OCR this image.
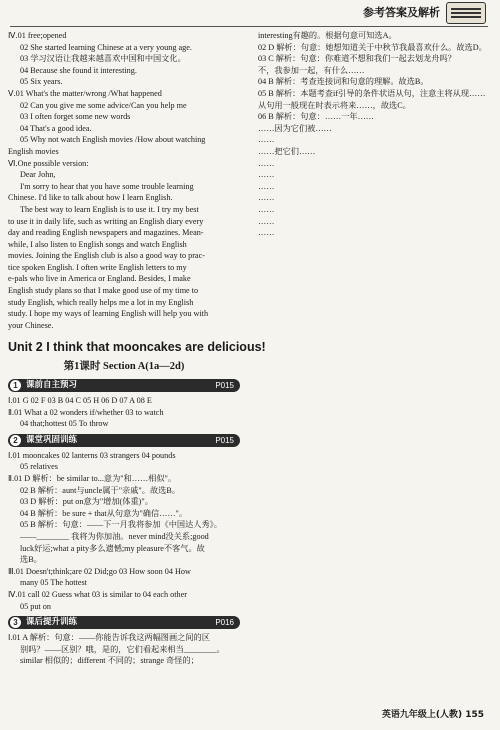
参考答案及解析
Ⅳ.01 free;opened
02 She started learning Chinese at a very young age.
03 学习汉语让我越来越喜欢中国和中国文化。
04 Because she found it interesting.
05 Six years.
Ⅴ.01 What's the matter/wrong /What happened
02 Can you give me some advice/Can you help me
03 I often forget some new words
04 That's a good idea.
05 Why not watch English movies /How about watching
English movies
Ⅵ.One possible version:
Dear John,
I'm sorry to hear that you have some trouble learning
Chinese. I'd like to talk about how I learn English.
The best way to learn English is to use it. I try my best
to use it in daily life, such as writing an English diary every
day and reading English newspapers and magazines. Mean-
while, I also listen to English songs and watch English
movies. Joining the English club is also a good way to prac-
tice spoken English. I often write English letters to my
e-pals who live in America or England. Besides, I make
English study plans so that I make good use of my time to
study English, which really helps me a lot in my English
study. I hope my ways of learning English will help you with
your Chinese.
Unit 2 I think that mooncakes are delicious!
第1课时 Section A(1a—2d)
1 课前自主预习	P015
Ⅰ.01 G 02 F 03 B 04 C 05 H 06 D 07 A 08 E
Ⅱ.01 What a 02 wonders if/whether 03 to watch
04 that;hottest 05 To throw
2 课堂巩固训练	P015
Ⅰ.01 mooncakes 02 lanterns 03 strangers 04 pounds
05 relatives
Ⅱ.01 D 解析：be similar to...意为"和……相似"。
02 B 解析：aunt与uncle属于"亲戚"。故选B。
03 D 解析：put on意为"增加(体重)"。
04 B 解析：be sure + that从句意为"确信……"。
05 B 解析：句意：——下一月我将参加《中国达人秀》。
——________ 我将为你加油。never mind没关系;good
luck好运;what a pity多么遗憾;my pleasure不客气。故
选B。
Ⅲ.01 Doesn't;think;are 02 Did;go 03 How soon 04 How
many 05 The hottest
Ⅳ.01 call 02 Guess what 03 is similar to 04 each other
05 put on
3 课后提升训练	P016
Ⅰ.01 A 解析：句意：——你能告诉我这两幅图画之间的区
别吗？——区别？哦，是的，它们看起来相当________。
similar 相似的；different 不同的；strange 奇怪的；
interesting有趣的。根据句意可知选A。
02 D 解析：句意：她想知道关于中秋节我最喜欢什么。故选D。
03 C 解析：句意：你难道不想和我们一起去划龙舟吗？
不，我参加一起，有什么……
04 B 解析：考查连接词和句意的理解。故选B。
05 B 解析：本题考查if引导的条件状语从句，注意主将从现……
从句用一般现在时表示将来……，故选C。
06 B 解析：句意：……一年……
……因为它们被……
……
……把它们……
……
……
……
……
……
……
……
英语九年级上(人教) 155
